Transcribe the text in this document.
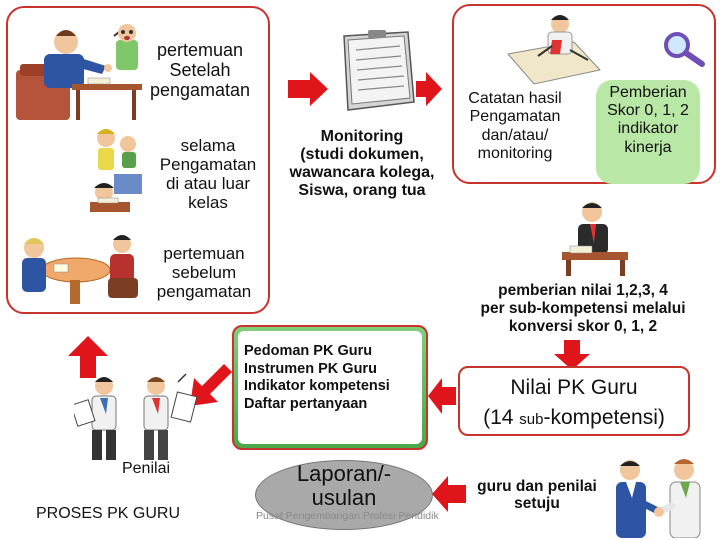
pertemuan
Setelah
pengamatan
selama
Pengamatan
di atau luar
kelas
pertemuan
sebelum
pengamatan
Monitoring
(studi dokumen,
wawancara kolega,
Siswa, orang tua
Catatan hasil
Pengamatan
dan/atau/
monitoring
Pemberian
Skor 0, 1, 2
indikator
kinerja
pemberian nilai 1,2,3, 4
per sub-kompetensi melalui
konversi skor 0, 1, 2
Pedoman PK Guru
Instrumen PK Guru
Indikator kompetensi
Daftar pertanyaan
Nilai PK Guru
(14 sub-kompetensi)
Penilai
PROSES PK GURU
Laporan/-
usulan
Pusat Pengembangan Profesi Pendidik
guru dan penilai
setuju
